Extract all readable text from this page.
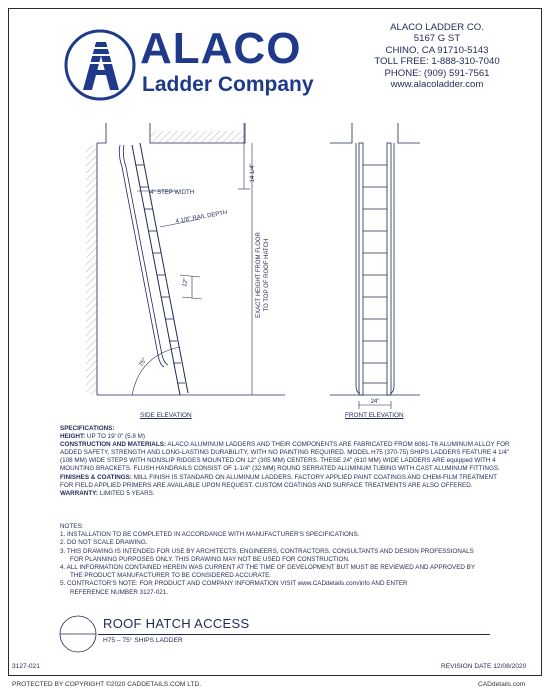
ALACO
Ladder Company
ALACO LADDER CO.
5167 G ST
CHINO, CA 91710-5143
TOLL FREE: 1-888-310-7040
PHONE: (909) 591-7561
www.alacoladder.com
14 1/4"
4" STEP WIDTH
4 1/8" RAIL DEPTH
12"	EXACT HEIGHT FROM FLOOR TO TOP OF ROOF HATCH
75°
SIDE ELEVATION
24"
FRONT ELEVATION

SPECIFICATIONS:

HEIGHT: UP TO 19' 0" (5.8 M)

CONSTRUCTION AND MATERIALS: ALACO ALUMINUM LADDERS AND THEIR COMPONENTS ARE FABRICATED FROM 6061-T6 ALUMINUM ALLOY FOR ADDED SAFETY, STRENGTH AND LONG-LASTING DURABILITY, WITH NO PAINTING REQUIRED. MODEL H75 (370-75) SHIPS LADDERS FEATURE 4 1/4" (108 MM) WIDE STEPS WITH NONSLIP RIDGES MOUNTED ON 12" (305 MM) CENTERS. THESE 24" (610 MM) WIDE LADDERS ARE equipped WITH 4 MOUNTING BRACKETS. FLUSH HANDRAILS CONSIST OF 1-1/4" (32 MM) ROUND SERRATED ALUMINUM TUBING WITH CAST ALUMINUM FITTINGS.

FINISHES & COATINGS: MILL FINISH IS STANDARD ON ALUMINUM LADDERS. FACTORY APPLIED PAINT COATINGS AND CHEM-FILM TREATMENT FOR FIELD APPLIED PRIMERS ARE AVAILABLE UPON REQUEST. CUSTOM COATINGS AND SURFACE TREATMENTS ARE ALSO OFFERED.

WARRANTY: LIMITED 5 YEARS.

NOTES:

1. INSTALLATION TO BE COMPLETED IN ACCORDANCE WITH MANUFACTURER'S SPECIFICATIONS.

2. DO NOT SCALE DRAWING.

3. THIS DRAWING IS INTENDED FOR USE BY ARCHITECTS, ENGINEERS, CONTRACTORS, CONSULTANTS AND DESIGN PROFESSIONALS

FOR PLANNING PURPOSES ONLY. THIS DRAWING MAY NOT BE USED FOR CONSTRUCTION.

4. ALL INFORMATION CONTAINED HEREIN WAS CURRENT AT THE TIME OF DEVELOPMENT BUT MUST BE REVIEWED AND APPROVED BY

THE PRODUCT MANUFACTURER TO BE CONSIDERED ACCURATE.

5. CONTRACTOR'S NOTE: FOR PRODUCT AND COMPANY INFORMATION VISIT www.CADdetails.com/info AND ENTER

REFERENCE NUMBER 3127-021.

ROOF HATCH ACCESS
H75 – 75° SHIPS LADDER
3127-021	REVISION DATE 12/08/2020
PROTECTED BY COPYRIGHT ©2020 CADDETAILS.COM LTD.	CADdetails.com
